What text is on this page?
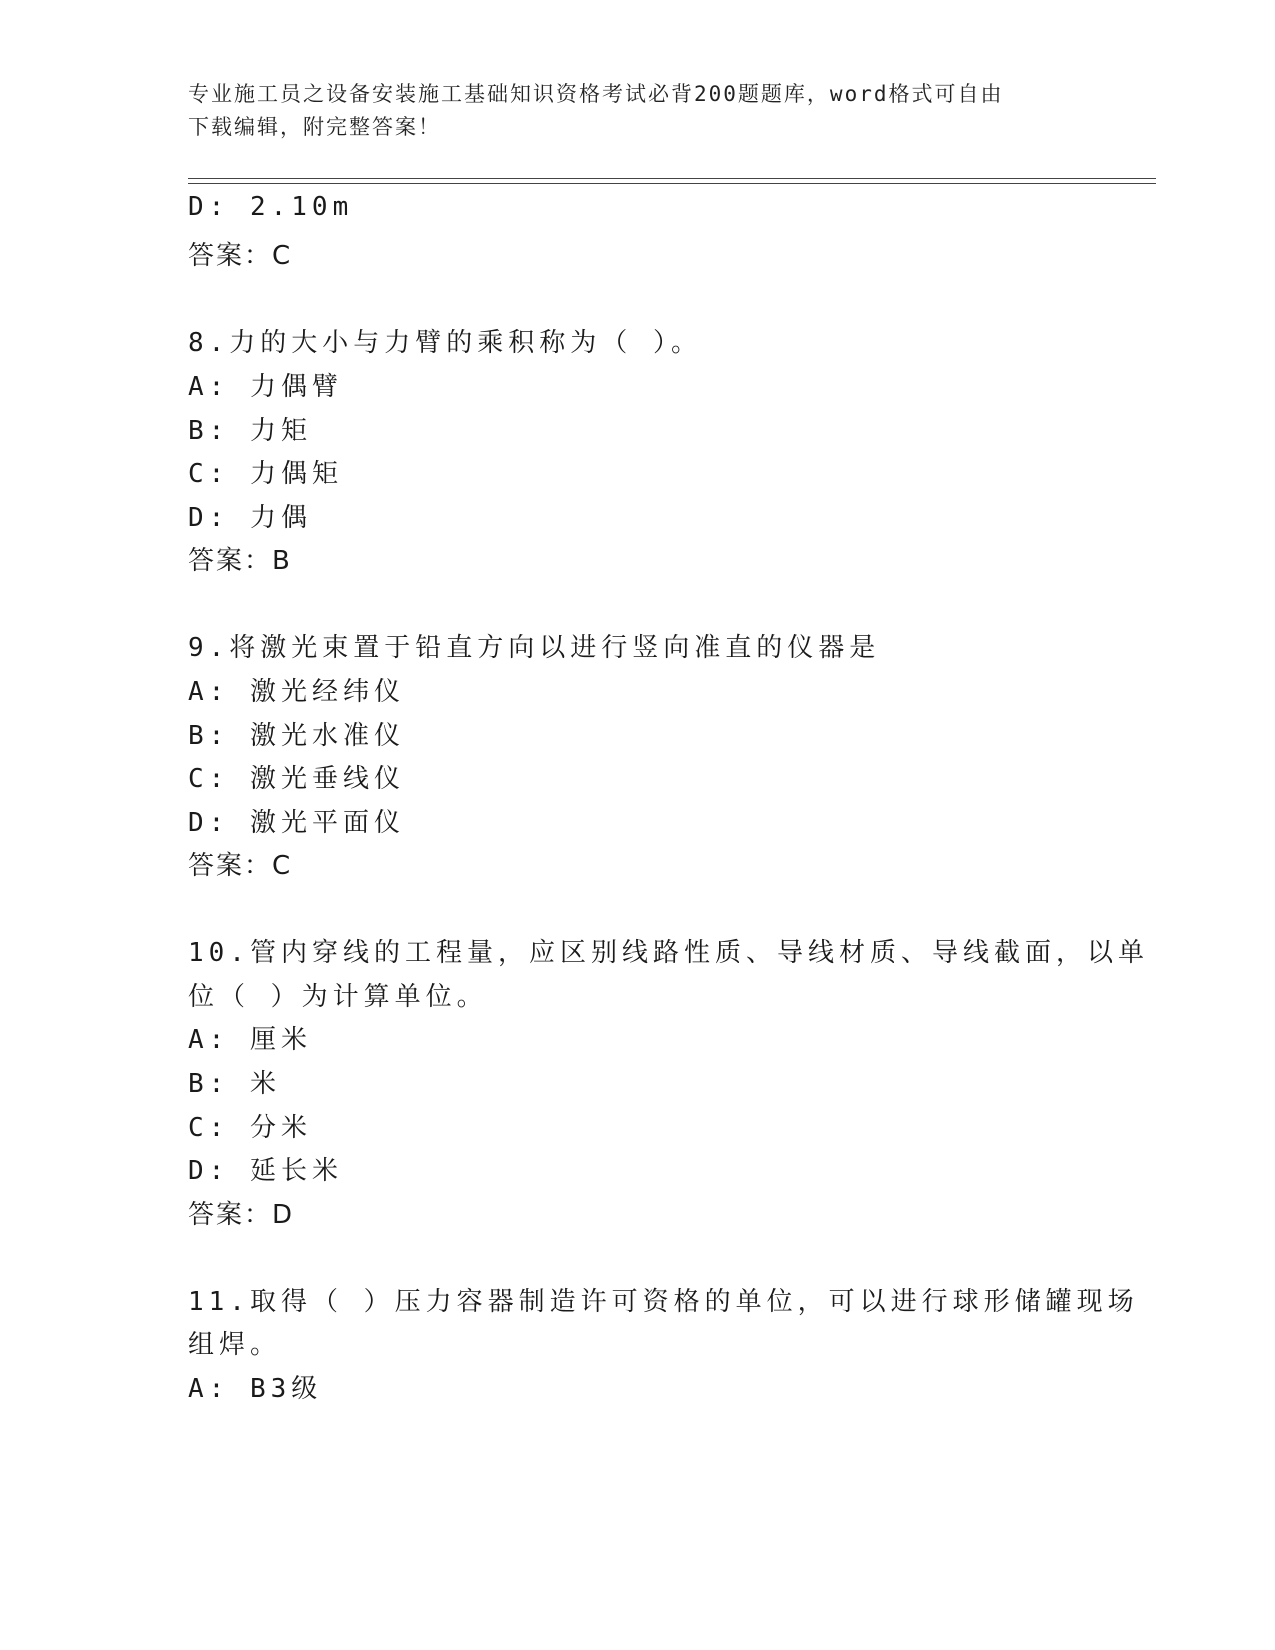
专业施工员之设备安装施工基础知识资格考试必背200题题库，word格式可自由
下载编辑，附完整答案！
D: 2.10m
答案：C
8.力的大小与力臂的乘积称为（ ）。
A: 力偶臂
B: 力矩
C: 力偶矩
D: 力偶
答案：B
9.将激光束置于铅直方向以进行竖向准直的仪器是
A: 激光经纬仪
B: 激光水准仪
C: 激光垂线仪
D: 激光平面仪
答案：C
10.管内穿线的工程量，应区别线路性质、导线材质、导线截面，以单
位（ ）为计算单位。
A: 厘米
B: 米
C: 分米
D: 延长米
答案：D
11.取得（ ）压力容器制造许可资格的单位，可以进行球形储罐现场
组焊。
A: B3级
